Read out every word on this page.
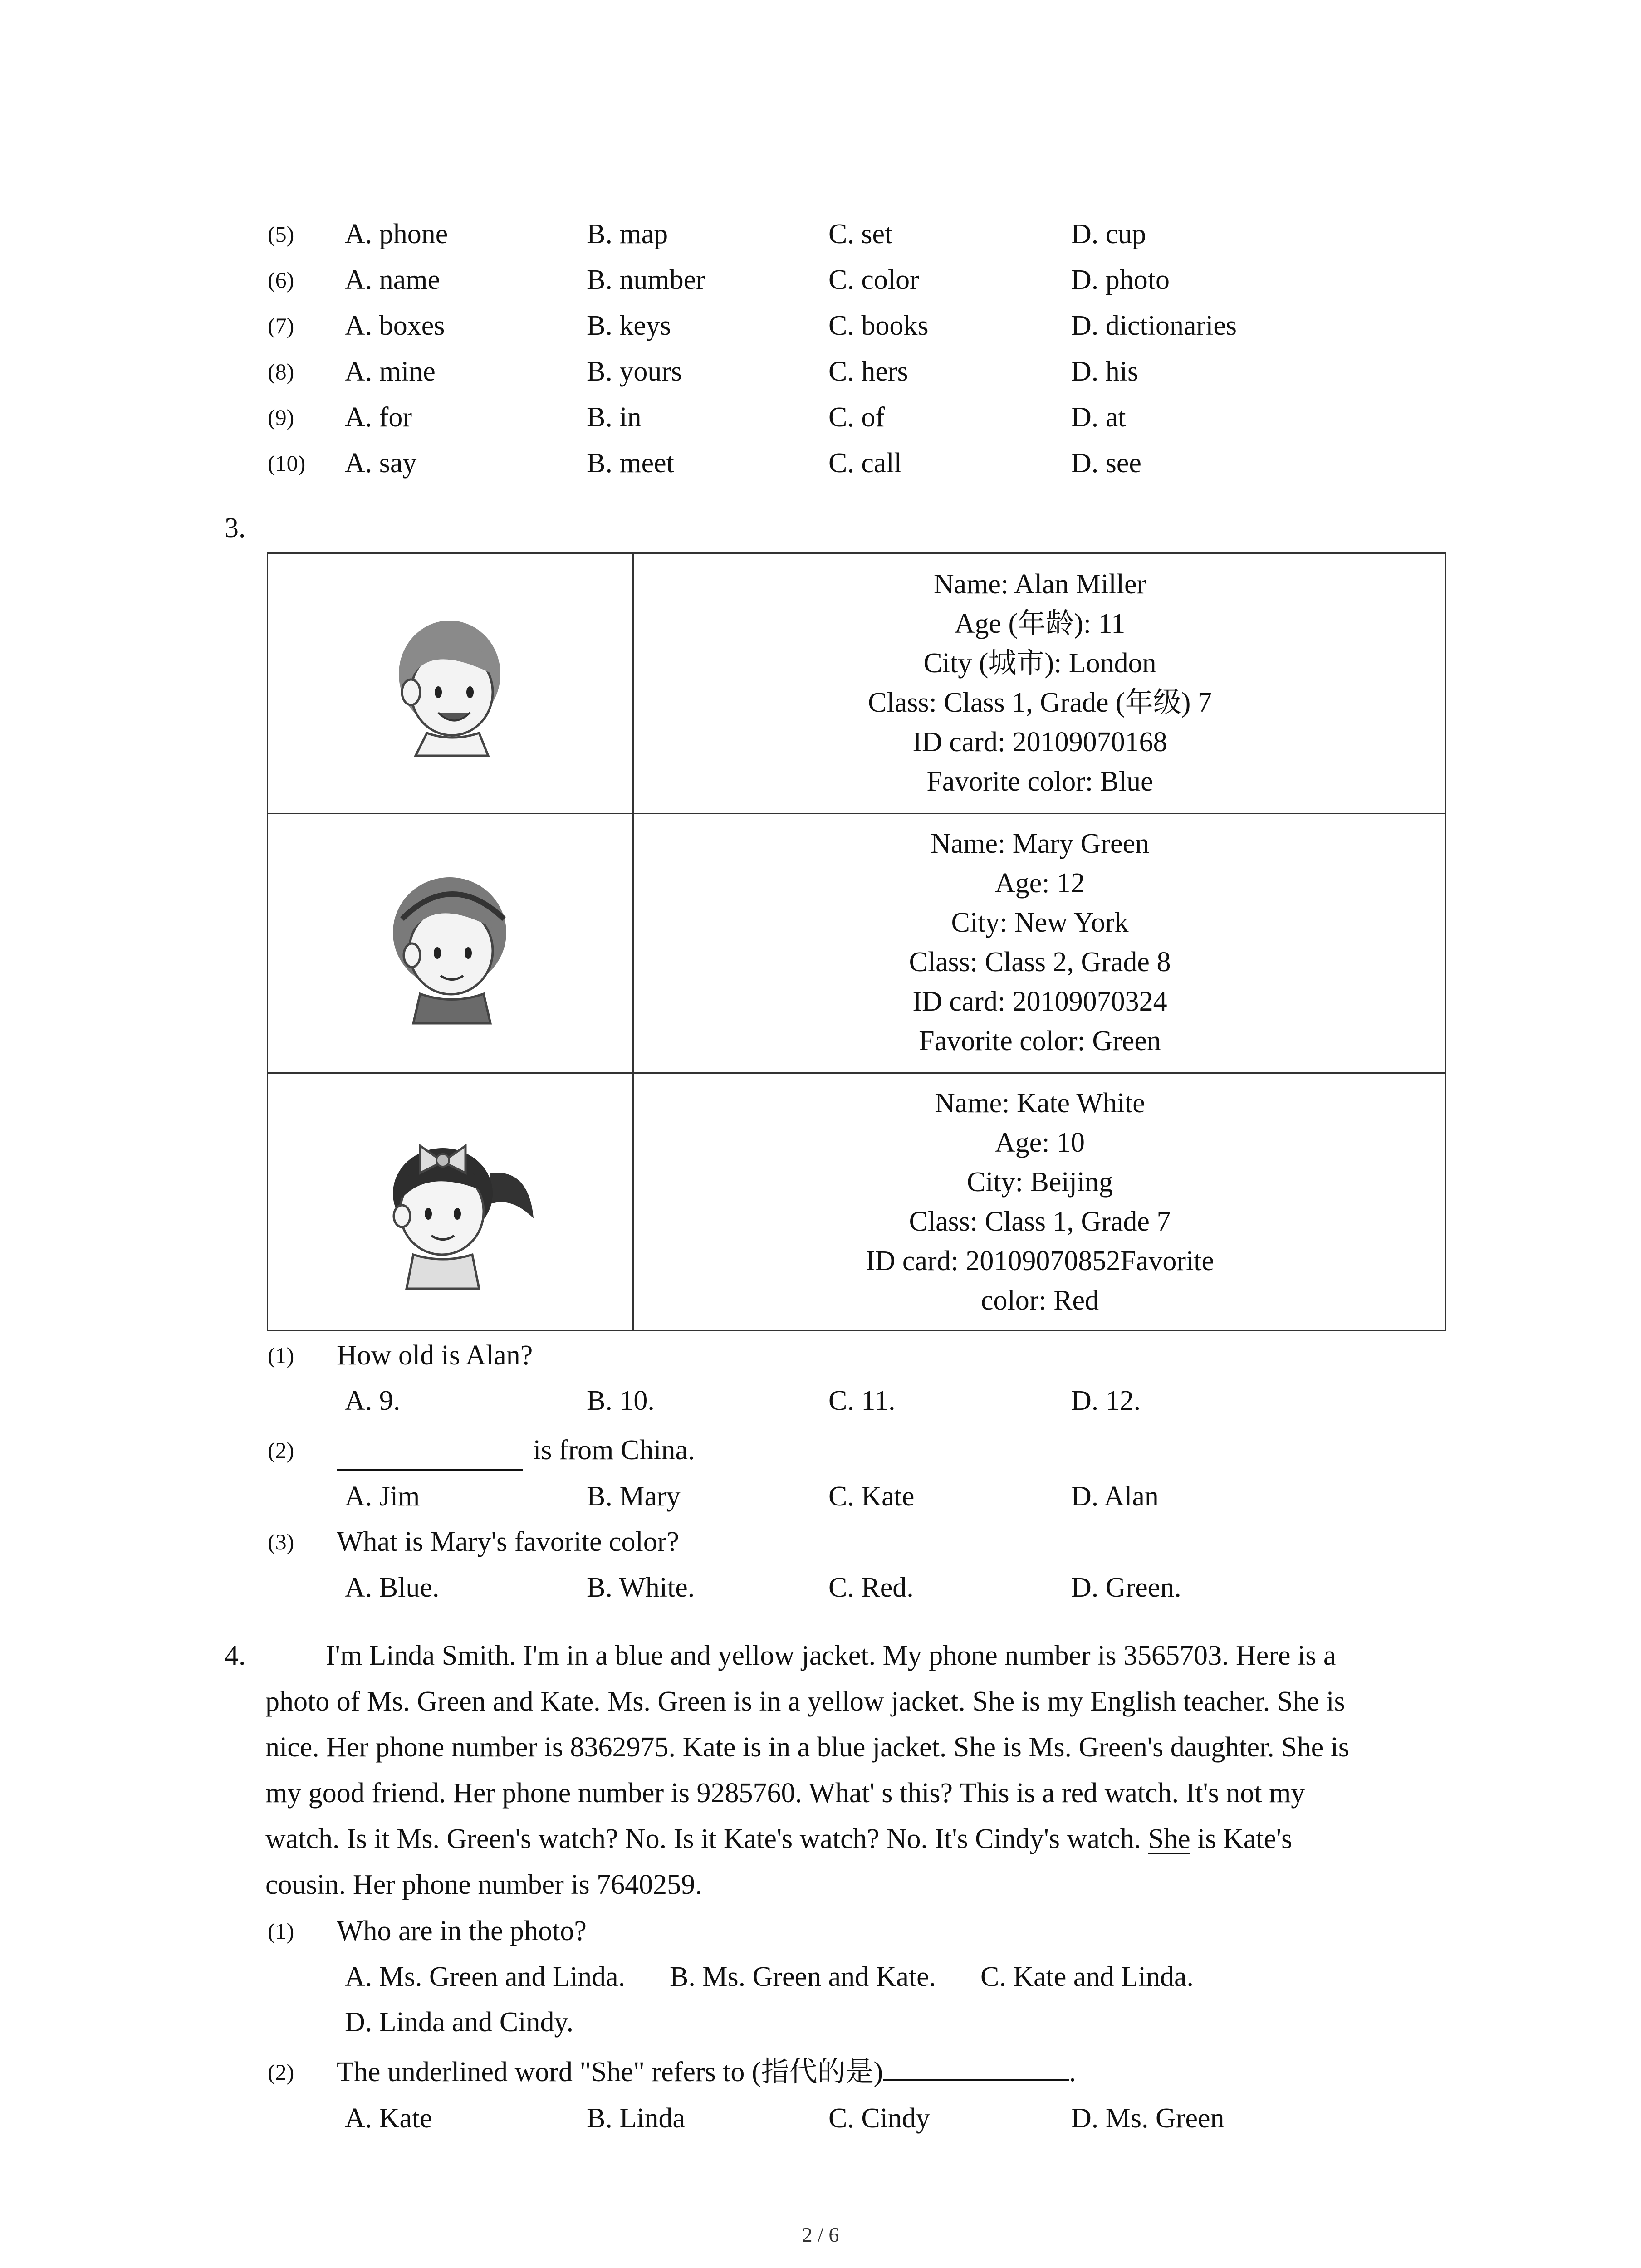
(5) A. phone	B. map	C. set	D. cup
(6) A. name	B. number	C. color	D. photo
(7) A. boxes	B. keys	C. books	D. dictionaries
(8) A. mine	B. yours	C. hers	D. his
(9) A. for	B. in	C. of	D. at
(10) A. say	B. meet	C. call	D. see
3.
Name: Alan Miller
Age (年龄): 11
City (城市): London
Class: Class 1, Grade (年级) 7
ID card: 20109070168
Favorite color: Blue
Name: Mary Green
Age: 12
City: New York
Class: Class 2, Grade 8
ID card: 20109070324
Favorite color: Green
Name: Kate White
Age: 10
City: Beijing
Class: Class 1, Grade 7
ID card: 20109070852Favorite
color: Red
(1) How old is Alan?
A. 9.	B. 10.	C. 11.	D. 12.
(2)	is from China.
A. Jim	B. Mary	C. Kate	D. Alan
(3) What is Mary's favorite color?
A. Blue.	B. White.	C. Red.	D. Green.
4.	I'm Linda Smith. I'm in a blue and yellow jacket. My phone number is 3565703. Here is a
photo of Ms. Green and Kate. Ms. Green is in a yellow jacket. She is my English teacher. She is
nice. Her phone number is 8362975. Kate is in a blue jacket. She is Ms. Green's daughter. She is
my good friend. Her phone number is 9285760. What' s this? This is a red watch. It's not my
watch. Is it Ms. Green's watch? No. Is it Kate's watch? No. It's Cindy's watch. She is Kate's
cousin. Her phone number is 7640259.
(1) Who are in the photo?
A. Ms. Green and Linda. B. Ms. Green and Kate. C. Kate and Linda.
D. Linda and Cindy.
(2) The underlined word "She" refers to (指代的是)	.
A. Kate	B. Linda	C. Cindy	D. Ms. Green
2 / 6
